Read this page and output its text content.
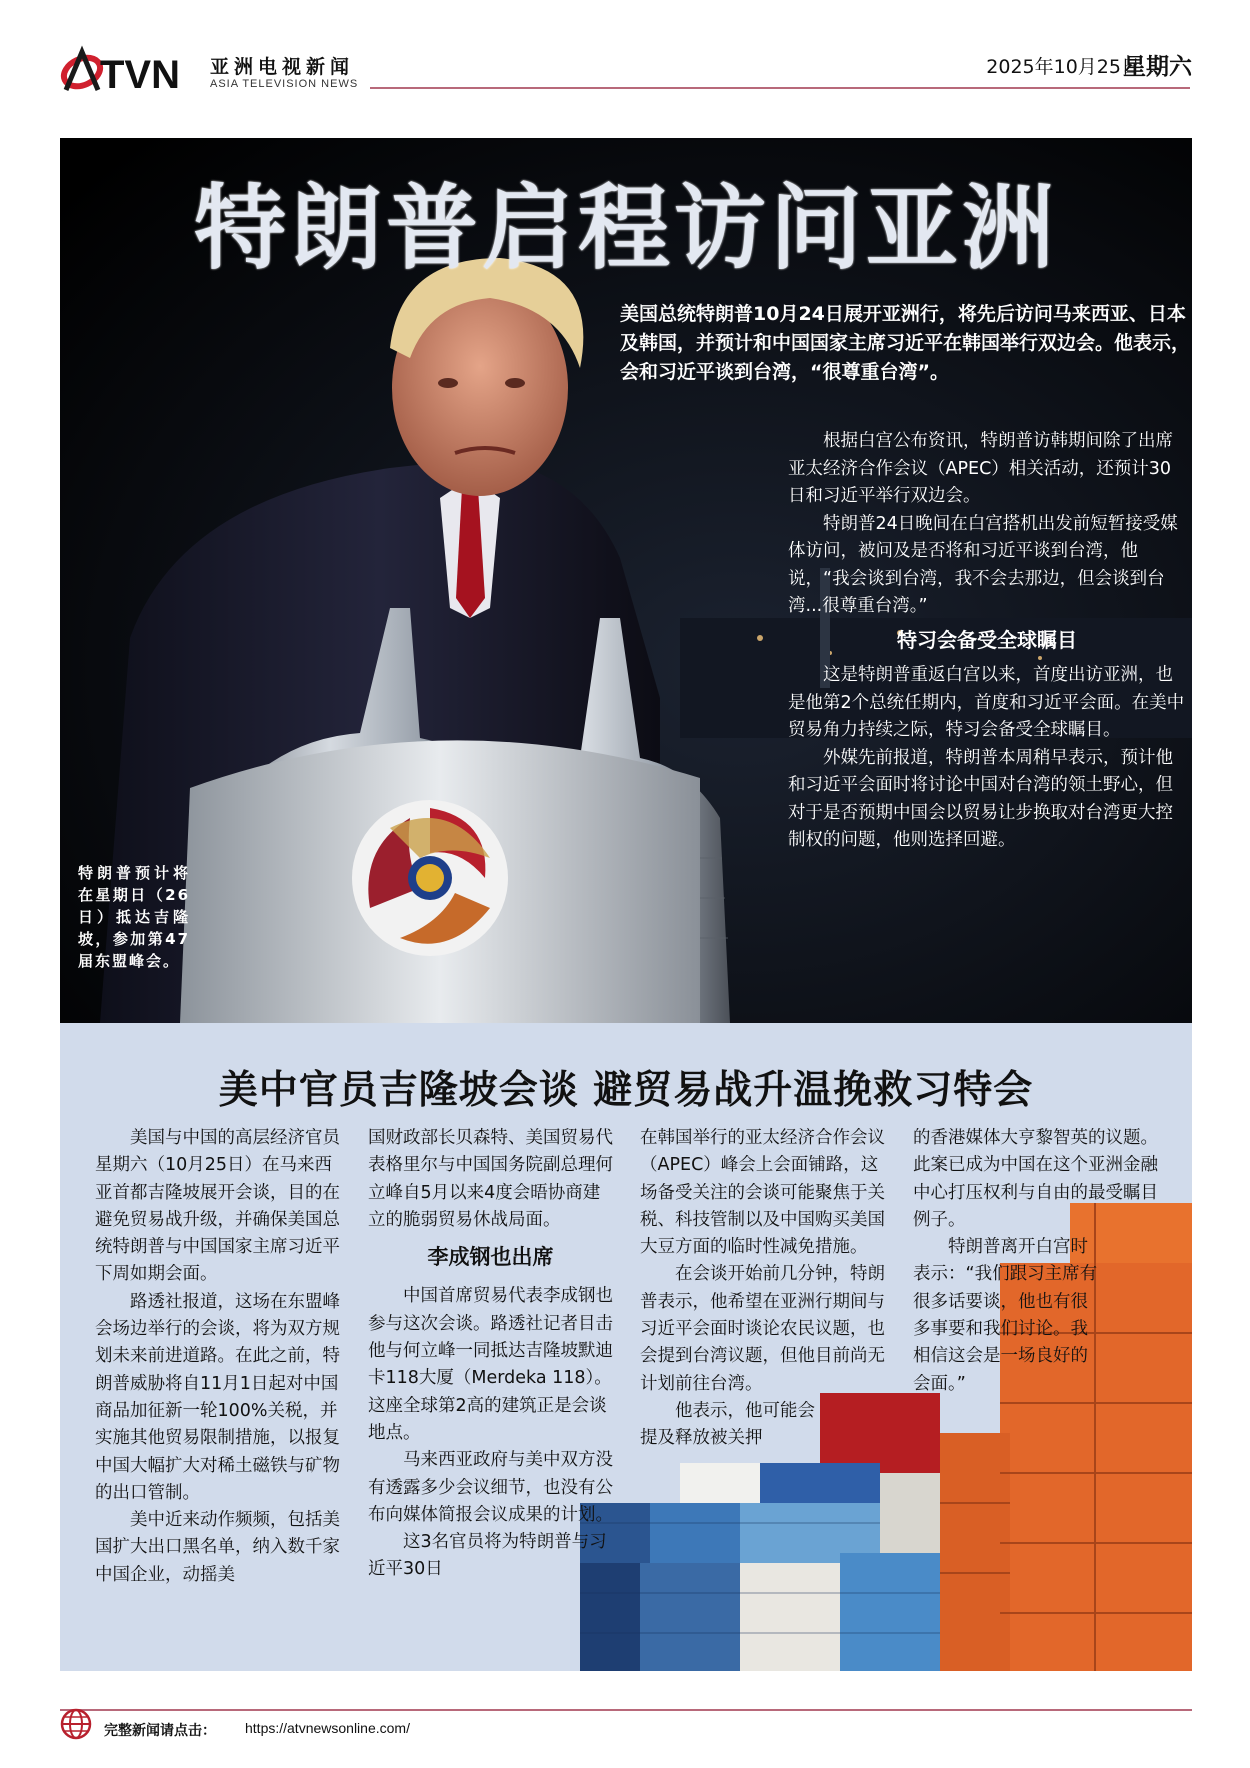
TVN 亚洲电视新闻
ASIA TELEVISION NEWS
2025年10月25日
星期六
特朗普启程访问亚洲
美国总统特朗普10月24日展开亚洲行，将先后访问马来西亚、日本及韩国，并预计和中国国家主席习近平在韩国举行双边会。他表示，会和习近平谈到台湾，“很尊重台湾”。

根据白宫公布资讯，特朗普访韩期间除了出席亚太经济合作会议（APEC）相关活动，还预计30日和习近平举行双边会。

特朗普24日晚间在白宫搭机出发前短暂接受媒体访问，被问及是否将和习近平谈到台湾，他说，“我会谈到台湾，我不会去那边，但会谈到台湾...很尊重台湾。”

特习会备受全球瞩目

这是特朗普重返白宫以来，首度出访亚洲，也是他第2个总统任期内，首度和习近平会面。在美中贸易角力持续之际，特习会备受全球瞩目。

外媒先前报道，特朗普本周稍早表示，预计他和习近平会面时将讨论中国对台湾的领土野心，但对于是否预期中国会以贸易让步换取对台湾更大控制权的问题，他则选择回避。

特朗普预计将在星期日（26日）抵达吉隆坡，参加第47届东盟峰会。
美中官员吉隆坡会谈 避贸易战升温挽救习特会

美国与中国的高层经济官员星期六（10月25日）在马来西亚首都吉隆坡展开会谈，目的在避免贸易战升级，并确保美国总统特朗普与中国国家主席习近平下周如期会面。

路透社报道，这场在东盟峰会场边举行的会谈，将为双方规划未来前进道路。在此之前，特朗普威胁将自11月1日起对中国商品加征新一轮100%关税，并实施其他贸易限制措施，以报复中国大幅扩大对稀土磁铁与矿物的出口管制。

美中近来动作频频，包括美国扩大出口黑名单，纳入数千家中国企业，动摇美

国财政部长贝森特、美国贸易代表格里尔与中国国务院副总理何立峰自5月以来4度会晤协商建立的脆弱贸易休战局面。

李成钢也出席

中国首席贸易代表李成钢也参与这次会谈。路透社记者目击他与何立峰一同抵达吉隆坡默迪卡118大厦（Merdeka 118）。这座全球第2高的建筑正是会谈地点。

马来西亚政府与美中双方没有透露多少会议细节，也没有公布向媒体简报会议成果的计划。

这3名官员将为特朗普与习近平30日

在韩国举行的亚太经济合作会议（APEC）峰会上会面铺路，这场备受关注的会谈可能聚焦于关税、科技管制以及中国购买美国大豆方面的临时性减免措施。

在会谈开始前几分钟，特朗普表示，他希望在亚洲行期间与习近平会面时谈论农民议题，也会提到台湾议题，但他目前尚无计划前往台湾。

他表示，他可能会提及释放被关押

的香港媒体大亨黎智英的议题。此案已成为中国在这个亚洲金融中心打压权利与自由的最受瞩目例子。

特朗普离开白宫时表示：“我们跟习主席有很多话要谈，他也有很多事要和我们讨论。我相信这会是一场良好的会面。”

完整新闻请点击： https://atvnewsonline.com/
